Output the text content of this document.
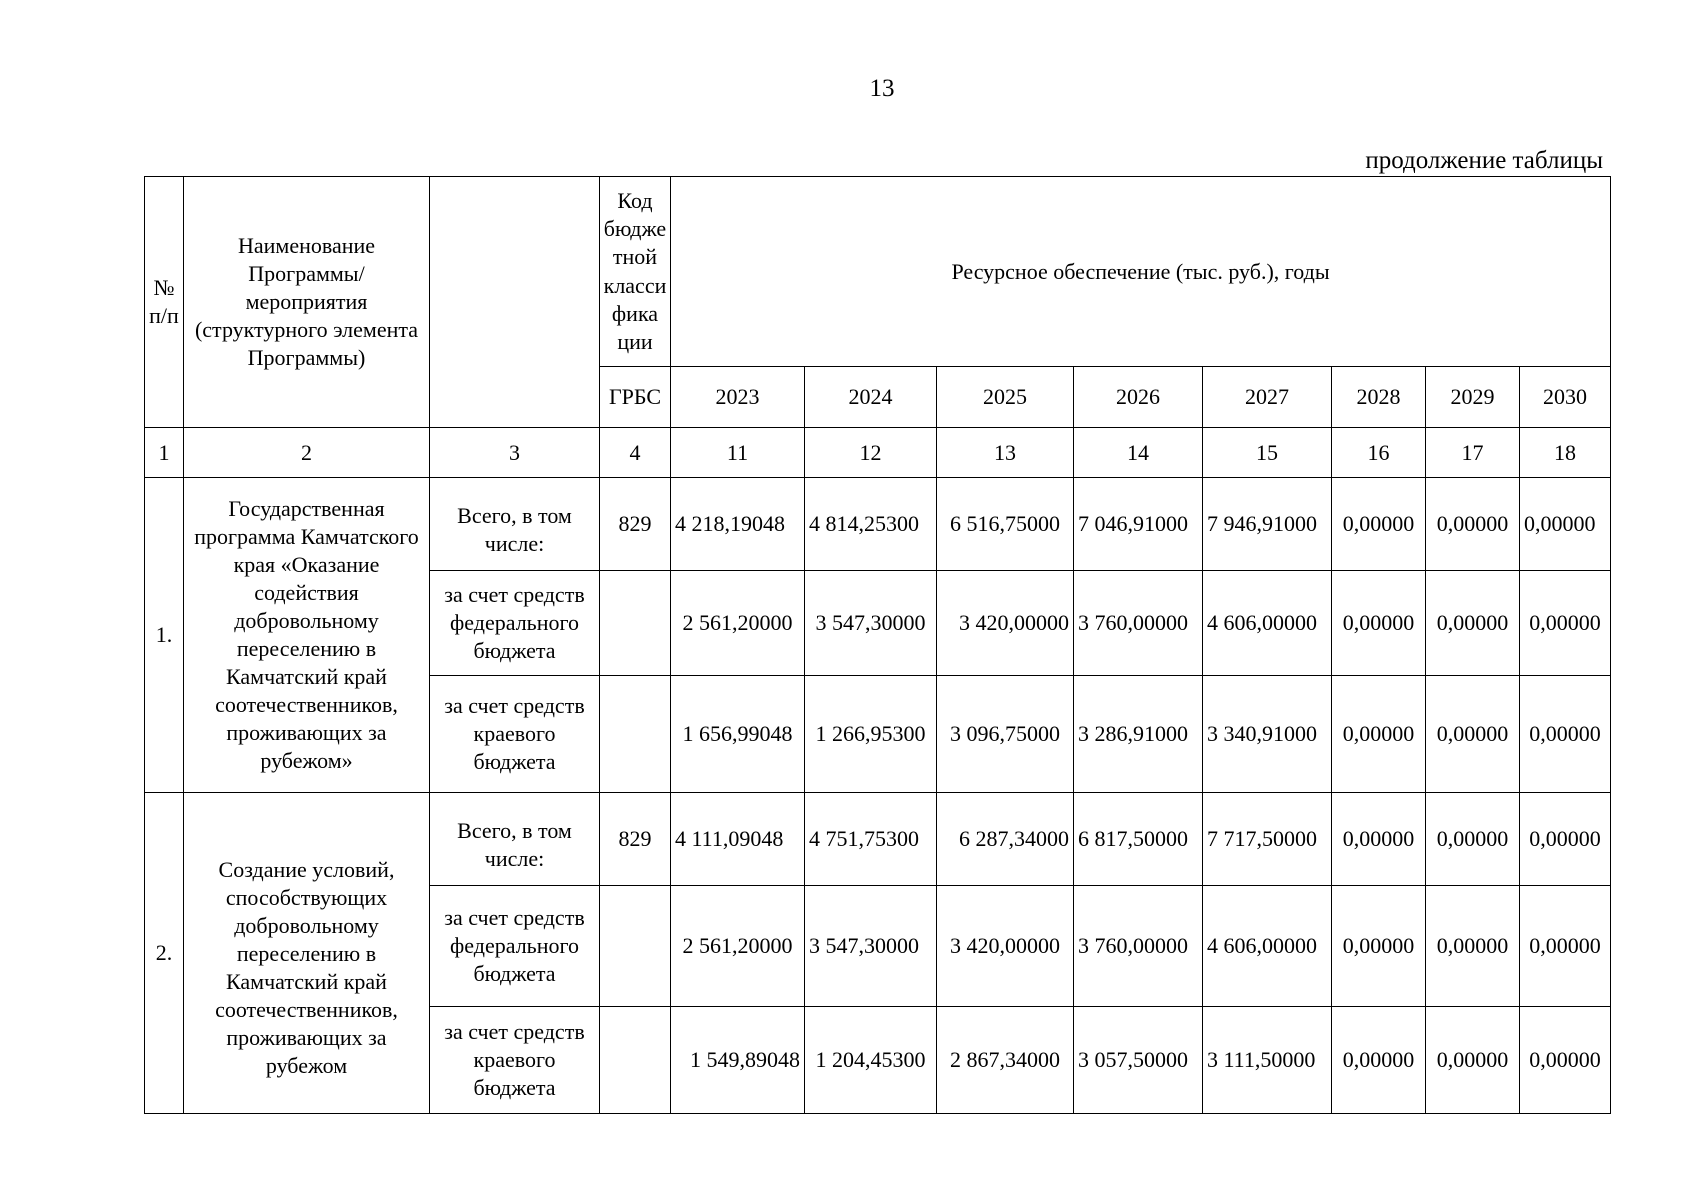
13
продолжение таблицы
№ п/п	Наименование Программы/ мероприятия (структурного элемента Программы)		Код бюдже тной класси фика ции	Ресурсное обеспечение (тыс. руб.), годы							
			ГРБС	2023	2024	2025	2026	2027	2028	2029	2030
1	2	3	4	11	12	13	14	15	16	17	18
1.	Государственная программа Камчатского края «Оказание содействия добровольному переселению в Камчатский край соотечественников, проживающих за рубежом»	Всего, в том числе:	829	4 218,19048	4 814,25300	6 516,75000	7 046,91000	7 946,91000	0,00000	0,00000	0,00000
		за счет средств федерального бюджета		2 561,20000	3 547,30000	3 420,00000	3 760,00000	4 606,00000	0,00000	0,00000	0,00000
		за счет средств краевого бюджета		1 656,99048	1 266,95300	3 096,75000	3 286,91000	3 340,91000	0,00000	0,00000	0,00000
2.	Создание условий, способствующих добровольному переселению в Камчатский край соотечественников, проживающих за рубежом	Всего, в том числе:	829	4 111,09048	4 751,75300	6 287,34000	6 817,50000	7 717,50000	0,00000	0,00000	0,00000
		за счет средств федерального бюджета		2 561,20000	3 547,30000	3 420,00000	3 760,00000	4 606,00000	0,00000	0,00000	0,00000
		за счет средств краевого бюджета		1 549,89048	1 204,45300	2 867,34000	3 057,50000	3 111,50000	0,00000	0,00000	0,00000
